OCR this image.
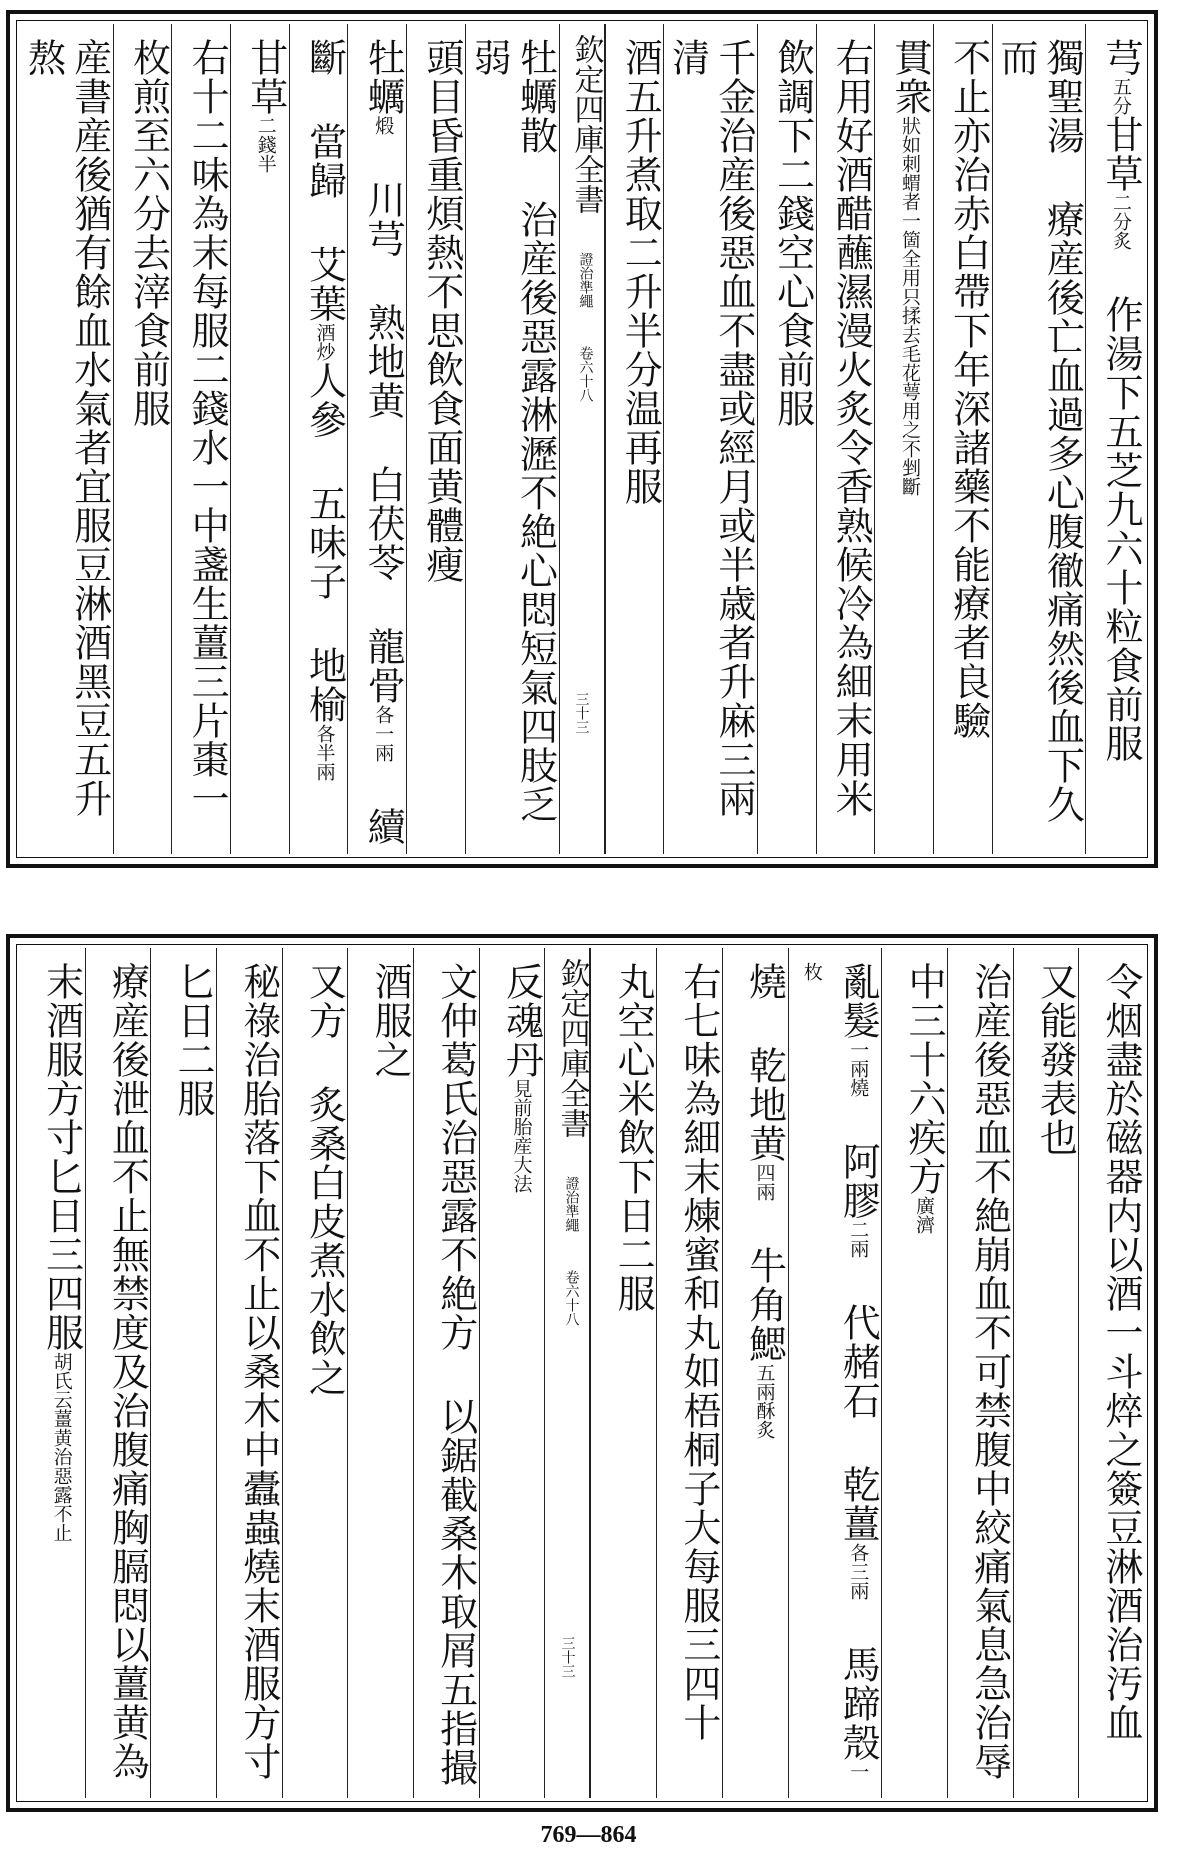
芎五分甘草二分炙 作湯下五芝九六十粒食前服
獨聖湯 療産後亡血過多心腹徹痛然後血下久而
不止亦治赤白帶下年深諸藥不能療者良驗
貫衆狀如刺蝟者一箇全用只揉去毛花萼用之不剉斷
右用好酒醋蘸濕漫火炙令香熟候冷為細末用米
飲調下二錢空心食前服
千金治産後惡血不盡或經月或半歳者升麻三兩清
酒五升煮取二升半分温再服
欽定四庫全書證治準繩卷六十八
三十三
牡蠣散 治産後惡露淋瀝不絶心悶短氣四肢乏弱
頭目昏重煩熱不思飲食面黄體瘦
牡蠣煅 川芎 熟地黄 白茯苓 龍骨各一兩 續
斷 當歸 艾葉酒炒人參 五味子 地榆各半兩
甘草二錢半
右十二味為末每服二錢水一中盞生薑三片棗一
枚煎至六分去滓食前服
産書産後猶有餘血水氣者宜服豆淋酒黑豆五升熬
令烟盡於磁器内以酒一斗焠之簽豆淋酒治汚血
又能發表也
治産後惡血不絶崩血不可禁腹中絞痛氣息急治辱
中三十六疾方廣濟
亂髮一兩燒 阿膠二兩 代赭石 乾薑各三兩 馬蹄殼一枚
燒 乾地黄四兩 牛角鰓五兩酥炙
右七味為細末煉蜜和丸如梧桐子大每服三四十
丸空心米飲下日二服
欽定四庫全書證治準繩卷六十八
三十三
反魂丹見前胎産大法
文仲葛氏治惡露不絶方 以鋸截桑木取屑五指撮
酒服之
又方 炙桑白皮煮水飲之
秘祿治胎落下血不止以桑木中蠹蟲燒末酒服方寸
匕日二服
療産後泄血不止無禁度及治腹痛胸膈悶以薑黄為
末酒服方寸匕日三四服胡氏云薑黄治惡露不止
769—864
